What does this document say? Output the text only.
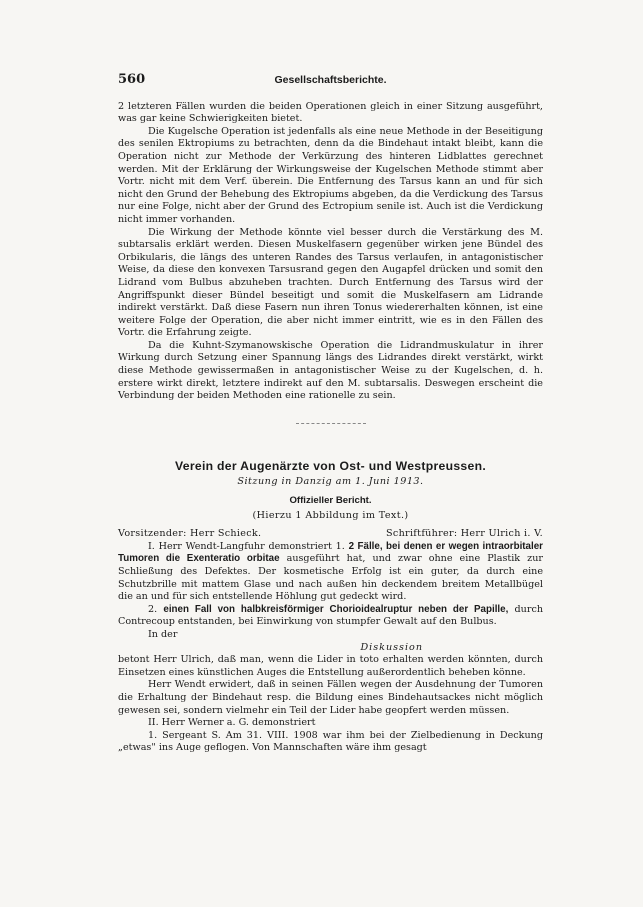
560	Gesellschaftsberichte.

2 letzteren Fällen wurden die beiden Operationen gleich in einer Sitzung ausgeführt, was gar keine Schwierigkeiten bietet.

Die Kugelsche Operation ist jedenfalls als eine neue Methode in der Beseitigung des senilen Ektropiums zu betrachten, denn da die Bindehaut intakt bleibt, kann die Operation nicht zur Methode der Verkürzung des hinteren Lidblattes gerechnet werden. Mit der Erklärung der Wirkungsweise der Kugelschen Methode stimmt aber Vortr. nicht mit dem Verf. überein. Die Entfernung des Tarsus kann an und für sich nicht den Grund der Behebung des Ektropiums abgeben, da die Verdickung des Tarsus nur eine Folge, nicht aber der Grund des Ectropium senile ist. Auch ist die Verdickung nicht immer vorhanden.

Die Wirkung der Methode könnte viel besser durch die Verstärkung des M. subtarsalis erklärt werden. Diesen Muskelfasern gegenüber wirken jene Bündel des Orbikularis, die längs des unteren Randes des Tarsus verlaufen, in antagonistischer Weise, da diese den konvexen Tarsusrand gegen den Augapfel drücken und somit den Lidrand vom Bulbus abzuheben trachten. Durch Entfernung des Tarsus wird der Angriffspunkt dieser Bündel beseitigt und somit die Muskelfasern am Lidrande indirekt verstärkt. Daß diese Fasern nun ihren Tonus wiedererhalten können, ist eine weitere Folge der Operation, die aber nicht immer eintritt, wie es in den Fällen des Vortr. die Erfahrung zeigte.

Da die Kuhnt-Szymanowskische Operation die Lidrandmuskulatur in ihrer Wirkung durch Setzung einer Spannung längs des Lidrandes direkt verstärkt, wirkt diese Methode gewissermaßen in antagonistischer Weise zu der Kugelschen, d. h. erstere wirkt direkt, letztere indirekt auf den M. subtarsalis. Deswegen erscheint die Verbindung der beiden Methoden eine rationelle zu sein.

Verein der Augenärzte von Ost- und Westpreussen.
Sitzung in Danzig am 1. Juni 1913.
Offizieller Bericht.
(Hierzu 1 Abbildung im Text.)
Vorsitzender: Herr Schieck.	Schriftführer: Herr Ulrich i. V.

I. Herr Wendt-Langfuhr demonstriert 1. 2 Fälle, bei denen er wegen intraorbitaler Tumoren die Exenteratio orbitae ausgeführt hat, und zwar ohne eine Plastik zur Schließung des Defektes. Der kosmetische Erfolg ist ein guter, da durch eine Schutzbrille mit mattem Glase und nach außen hin deckendem breitem Metallbügel die an und für sich entstellende Höhlung gut gedeckt wird.

2. einen Fall von halbkreisförmiger Chorioidealruptur neben der Papille, durch Contrecoup entstanden, bei Einwirkung von stumpfer Gewalt auf den Bulbus.

In der

Diskussion

betont Herr Ulrich, daß man, wenn die Lider in toto erhalten werden könnten, durch Einsetzen eines künstlichen Auges die Entstellung außerordentlich beheben könne.

Herr Wendt erwidert, daß in seinen Fällen wegen der Ausdehnung der Tumoren die Erhaltung der Bindehaut resp. die Bildung eines Bindehautsackes nicht möglich gewesen sei, sondern vielmehr ein Teil der Lider habe geopfert werden müssen.

II. Herr Werner a. G. demonstriert

1. Sergeant S. Am 31. VIII. 1908 war ihm bei der Zielbedienung in Deckung „etwas" ins Auge geflogen. Von Mannschaften wäre ihm gesagt
